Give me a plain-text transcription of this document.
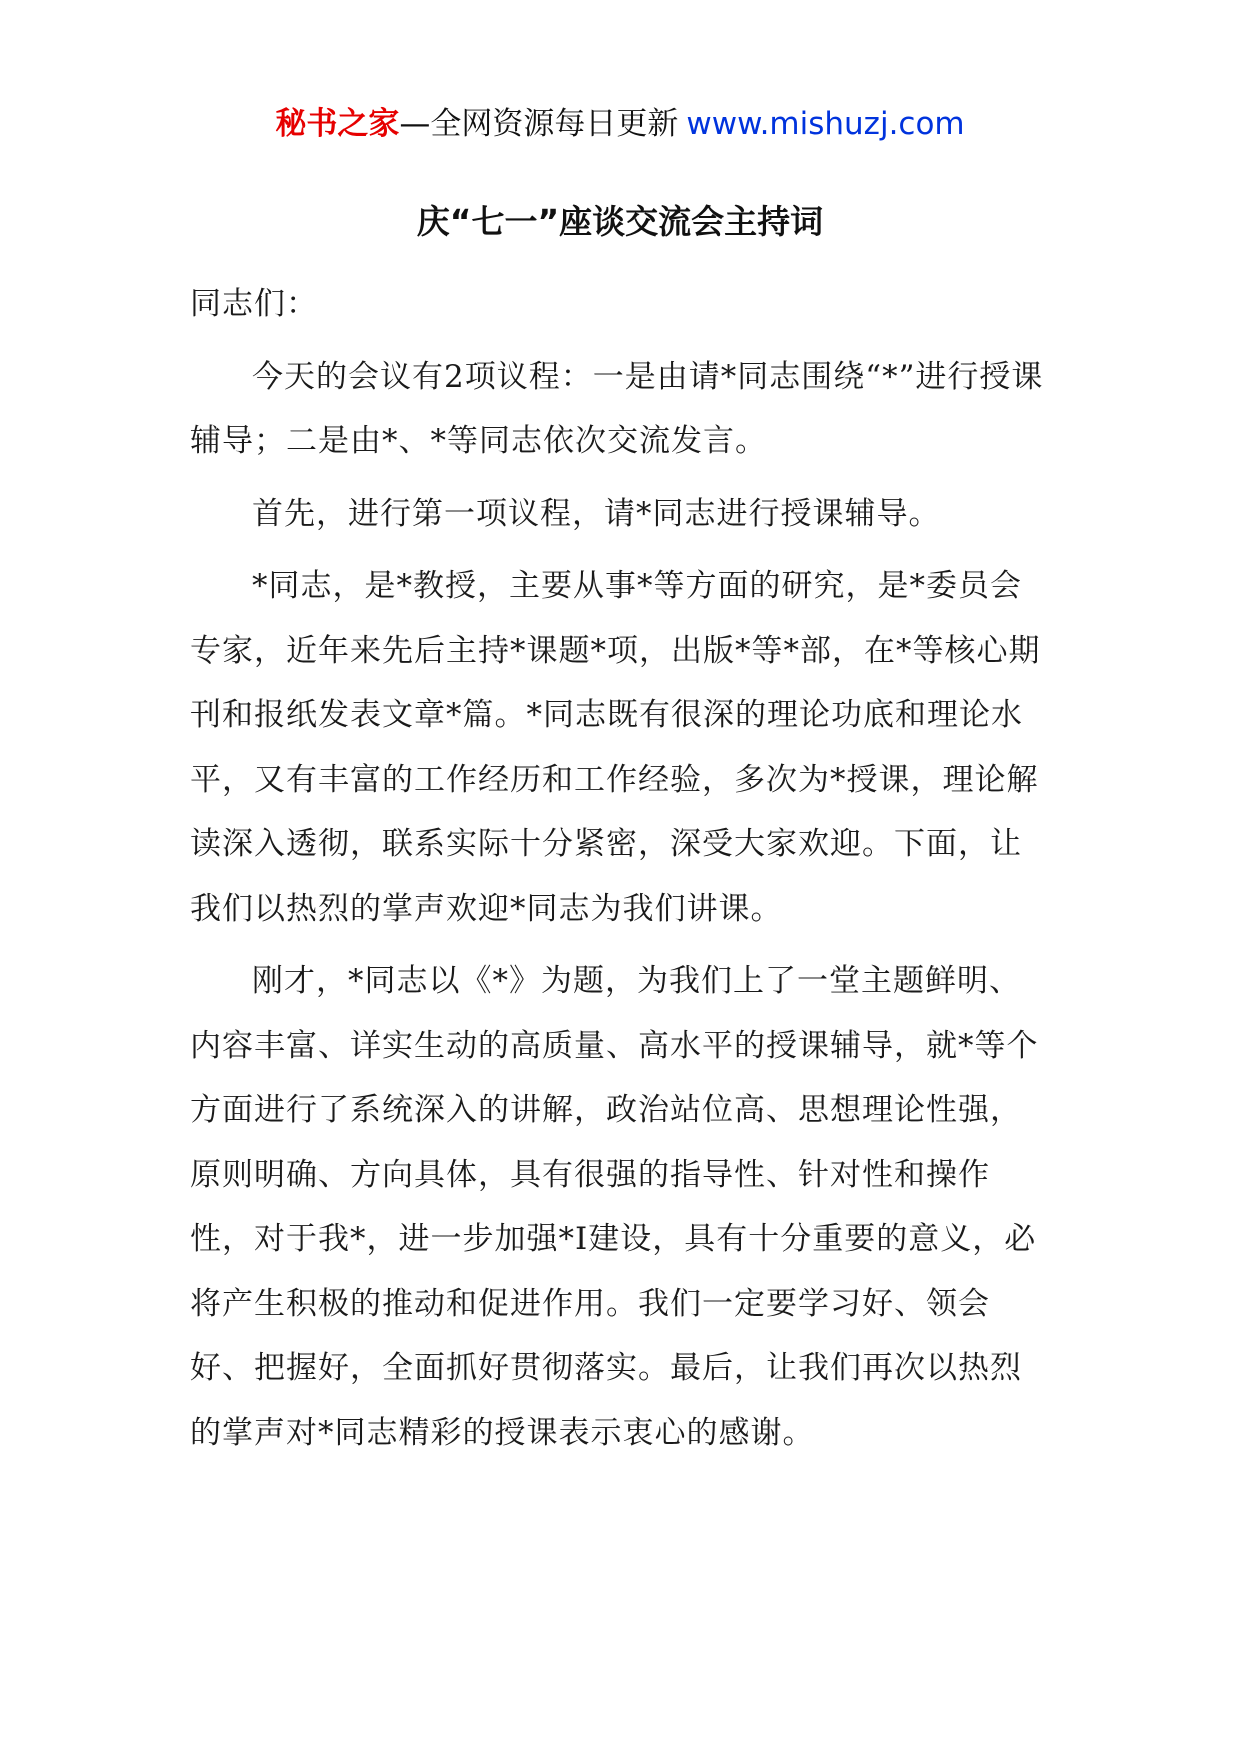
秘书之家—全网资源每日更新 www.mishuzj.com
庆“七一”座谈交流会主持词

同志们：

今天的会议有2项议程：一是由请*同志围绕“*”进行授课辅导；二是由*、*等同志依次交流发言。

首先，进行第一项议程，请*同志进行授课辅导。

*同志，是*教授，主要从事*等方面的研究，是*委员会专家，近年来先后主持*课题*项，出版*等*部，在*等核心期刊和报纸发表文章*篇。*同志既有很深的理论功底和理论水平，又有丰富的工作经历和工作经验，多次为*授课，理论解读深入透彻，联系实际十分紧密，深受大家欢迎。下面，让我们以热烈的掌声欢迎*同志为我们讲课。

刚才，*同志以《*》为题，为我们上了一堂主题鲜明、内容丰富、详实生动的高质量、高水平的授课辅导，就*等个方面进行了系统深入的讲解，政治站位高、思想理论性强，原则明确、方向具体，具有很强的指导性、针对性和操作性，对于我*，进一步加强*I建设，具有十分重要的意义，必将产生积极的推动和促进作用。我们一定要学习好、领会好、把握好，全面抓好贯彻落实。最后，让我们再次以热烈的掌声对*同志精彩的授课表示衷心的感谢。
